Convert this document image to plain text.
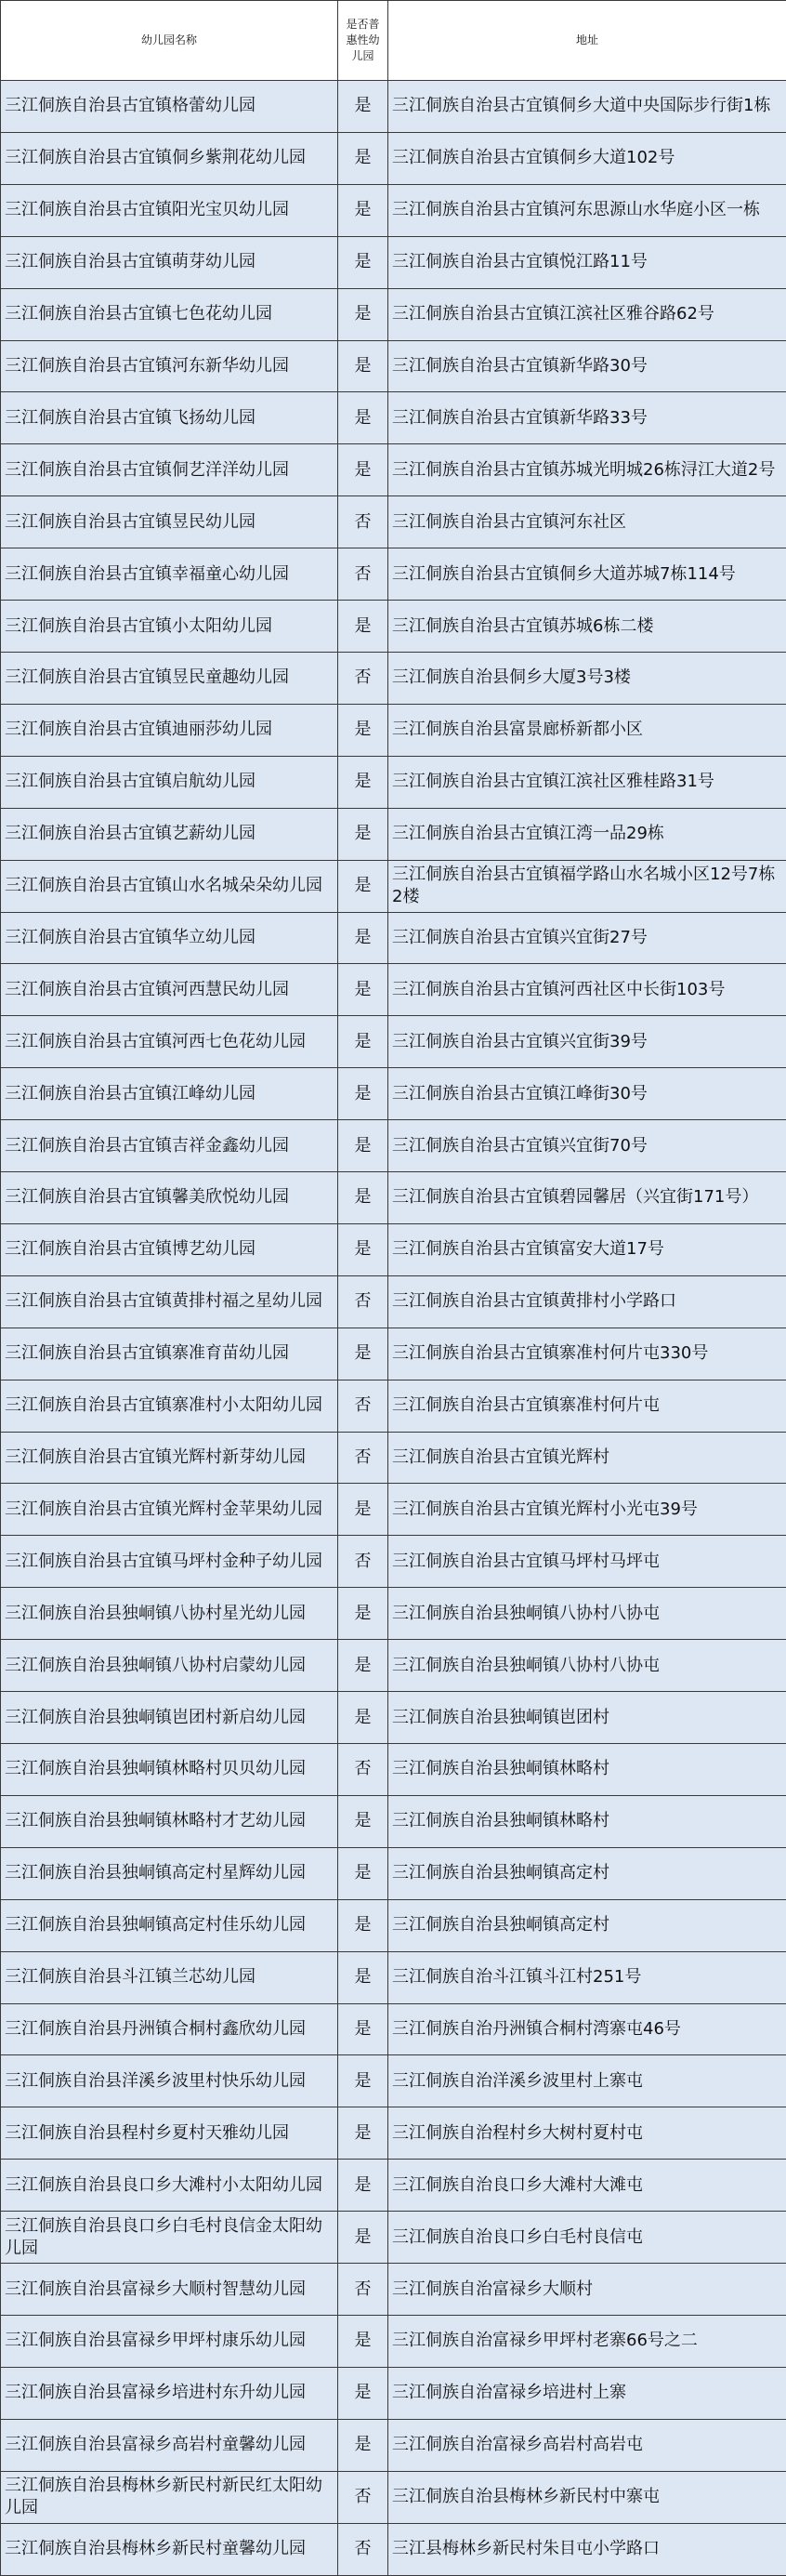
幼儿园名称	是否普惠性幼儿园	地址
三江侗族自治县古宜镇格蕾幼儿园	是	三江侗族自治县古宜镇侗乡大道中央国际步行街1栋
三江侗族自治县古宜镇侗乡紫荆花幼儿园	是	三江侗族自治县古宜镇侗乡大道102号
三江侗族自治县古宜镇阳光宝贝幼儿园	是	三江侗族自治县古宜镇河东思源山水华庭小区一栋
三江侗族自治县古宜镇萌芽幼儿园	是	三江侗族自治县古宜镇悦江路11号
三江侗族自治县古宜镇七色花幼儿园	是	三江侗族自治县古宜镇江滨社区雅谷路62号
三江侗族自治县古宜镇河东新华幼儿园	是	三江侗族自治县古宜镇新华路30号
三江侗族自治县古宜镇飞扬幼儿园	是	三江侗族自治县古宜镇新华路33号
三江侗族自治县古宜镇侗艺洋洋幼儿园	是	三江侗族自治县古宜镇苏城光明城26栋浔江大道2号
三江侗族自治县古宜镇昱民幼儿园	否	三江侗族自治县古宜镇河东社区
三江侗族自治县古宜镇幸福童心幼儿园	否	三江侗族自治县古宜镇侗乡大道苏城7栋114号
三江侗族自治县古宜镇小太阳幼儿园	是	三江侗族自治县古宜镇苏城6栋二楼
三江侗族自治县古宜镇昱民童趣幼儿园	否	三江侗族自治县侗乡大厦3号3楼
三江侗族自治县古宜镇迪丽莎幼儿园	是	三江侗族自治县富景廊桥新都小区
三江侗族自治县古宜镇启航幼儿园	是	三江侗族自治县古宜镇江滨社区雅桂路31号
三江侗族自治县古宜镇艺薪幼儿园	是	三江侗族自治县古宜镇江湾一品29栋
三江侗族自治县古宜镇山水名城朵朵幼儿园	是	三江侗族自治县古宜镇福学路山水名城小区12号7栋2楼
三江侗族自治县古宜镇华立幼儿园	是	三江侗族自治县古宜镇兴宜街27号
三江侗族自治县古宜镇河西慧民幼儿园	是	三江侗族自治县古宜镇河西社区中长街103号
三江侗族自治县古宜镇河西七色花幼儿园	是	三江侗族自治县古宜镇兴宜街39号
三江侗族自治县古宜镇江峰幼儿园	是	三江侗族自治县古宜镇江峰街30号
三江侗族自治县古宜镇吉祥金鑫幼儿园	是	三江侗族自治县古宜镇兴宜街70号
三江侗族自治县古宜镇馨美欣悦幼儿园	是	三江侗族自治县古宜镇碧园馨居（兴宜街171号）
三江侗族自治县古宜镇博艺幼儿园	是	三江侗族自治县古宜镇富安大道17号
三江侗族自治县古宜镇黄排村福之星幼儿园	否	三江侗族自治县古宜镇黄排村小学路口
三江侗族自治县古宜镇寨准育苗幼儿园	是	三江侗族自治县古宜镇寨准村何片屯330号
三江侗族自治县古宜镇寨准村小太阳幼儿园	否	三江侗族自治县古宜镇寨准村何片屯
三江侗族自治县古宜镇光辉村新芽幼儿园	否	三江侗族自治县古宜镇光辉村
三江侗族自治县古宜镇光辉村金苹果幼儿园	是	三江侗族自治县古宜镇光辉村小光屯39号
三江侗族自治县古宜镇马坪村金种子幼儿园	否	三江侗族自治县古宜镇马坪村马坪屯
三江侗族自治县独峒镇八协村星光幼儿园	是	三江侗族自治县独峒镇八协村八协屯
三江侗族自治县独峒镇八协村启蒙幼儿园	是	三江侗族自治县独峒镇八协村八协屯
三江侗族自治县独峒镇岜团村新启幼儿园	是	三江侗族自治县独峒镇岜团村
三江侗族自治县独峒镇林略村贝贝幼儿园	否	三江侗族自治县独峒镇林略村
三江侗族自治县独峒镇林略村才艺幼儿园	是	三江侗族自治县独峒镇林略村
三江侗族自治县独峒镇高定村星辉幼儿园	是	三江侗族自治县独峒镇高定村
三江侗族自治县独峒镇高定村佳乐幼儿园	是	三江侗族自治县独峒镇高定村
三江侗族自治县斗江镇兰芯幼儿园	是	三江侗族自治斗江镇斗江村251号
三江侗族自治县丹洲镇合桐村鑫欣幼儿园	是	三江侗族自治丹洲镇合桐村湾寨屯46号
三江侗族自治县洋溪乡波里村快乐幼儿园	是	三江侗族自治洋溪乡波里村上寨屯
三江侗族自治县程村乡夏村天雅幼儿园	是	三江侗族自治程村乡大树村夏村屯
三江侗族自治县良口乡大滩村小太阳幼儿园	是	三江侗族自治良口乡大滩村大滩屯
三江侗族自治县良口乡白毛村良信金太阳幼儿园	是	三江侗族自治良口乡白毛村良信屯
三江侗族自治县富禄乡大顺村智慧幼儿园	否	三江侗族自治富禄乡大顺村
三江侗族自治县富禄乡甲坪村康乐幼儿园	是	三江侗族自治富禄乡甲坪村老寨66号之二
三江侗族自治县富禄乡培进村东升幼儿园	是	三江侗族自治富禄乡培进村上寨
三江侗族自治县富禄乡高岩村童馨幼儿园	是	三江侗族自治富禄乡高岩村高岩屯
三江侗族自治县梅林乡新民村新民红太阳幼儿园	否	三江侗族自治县梅林乡新民村中寨屯
三江侗族自治县梅林乡新民村童馨幼儿园	否	三江县梅林乡新民村朱目屯小学路口
